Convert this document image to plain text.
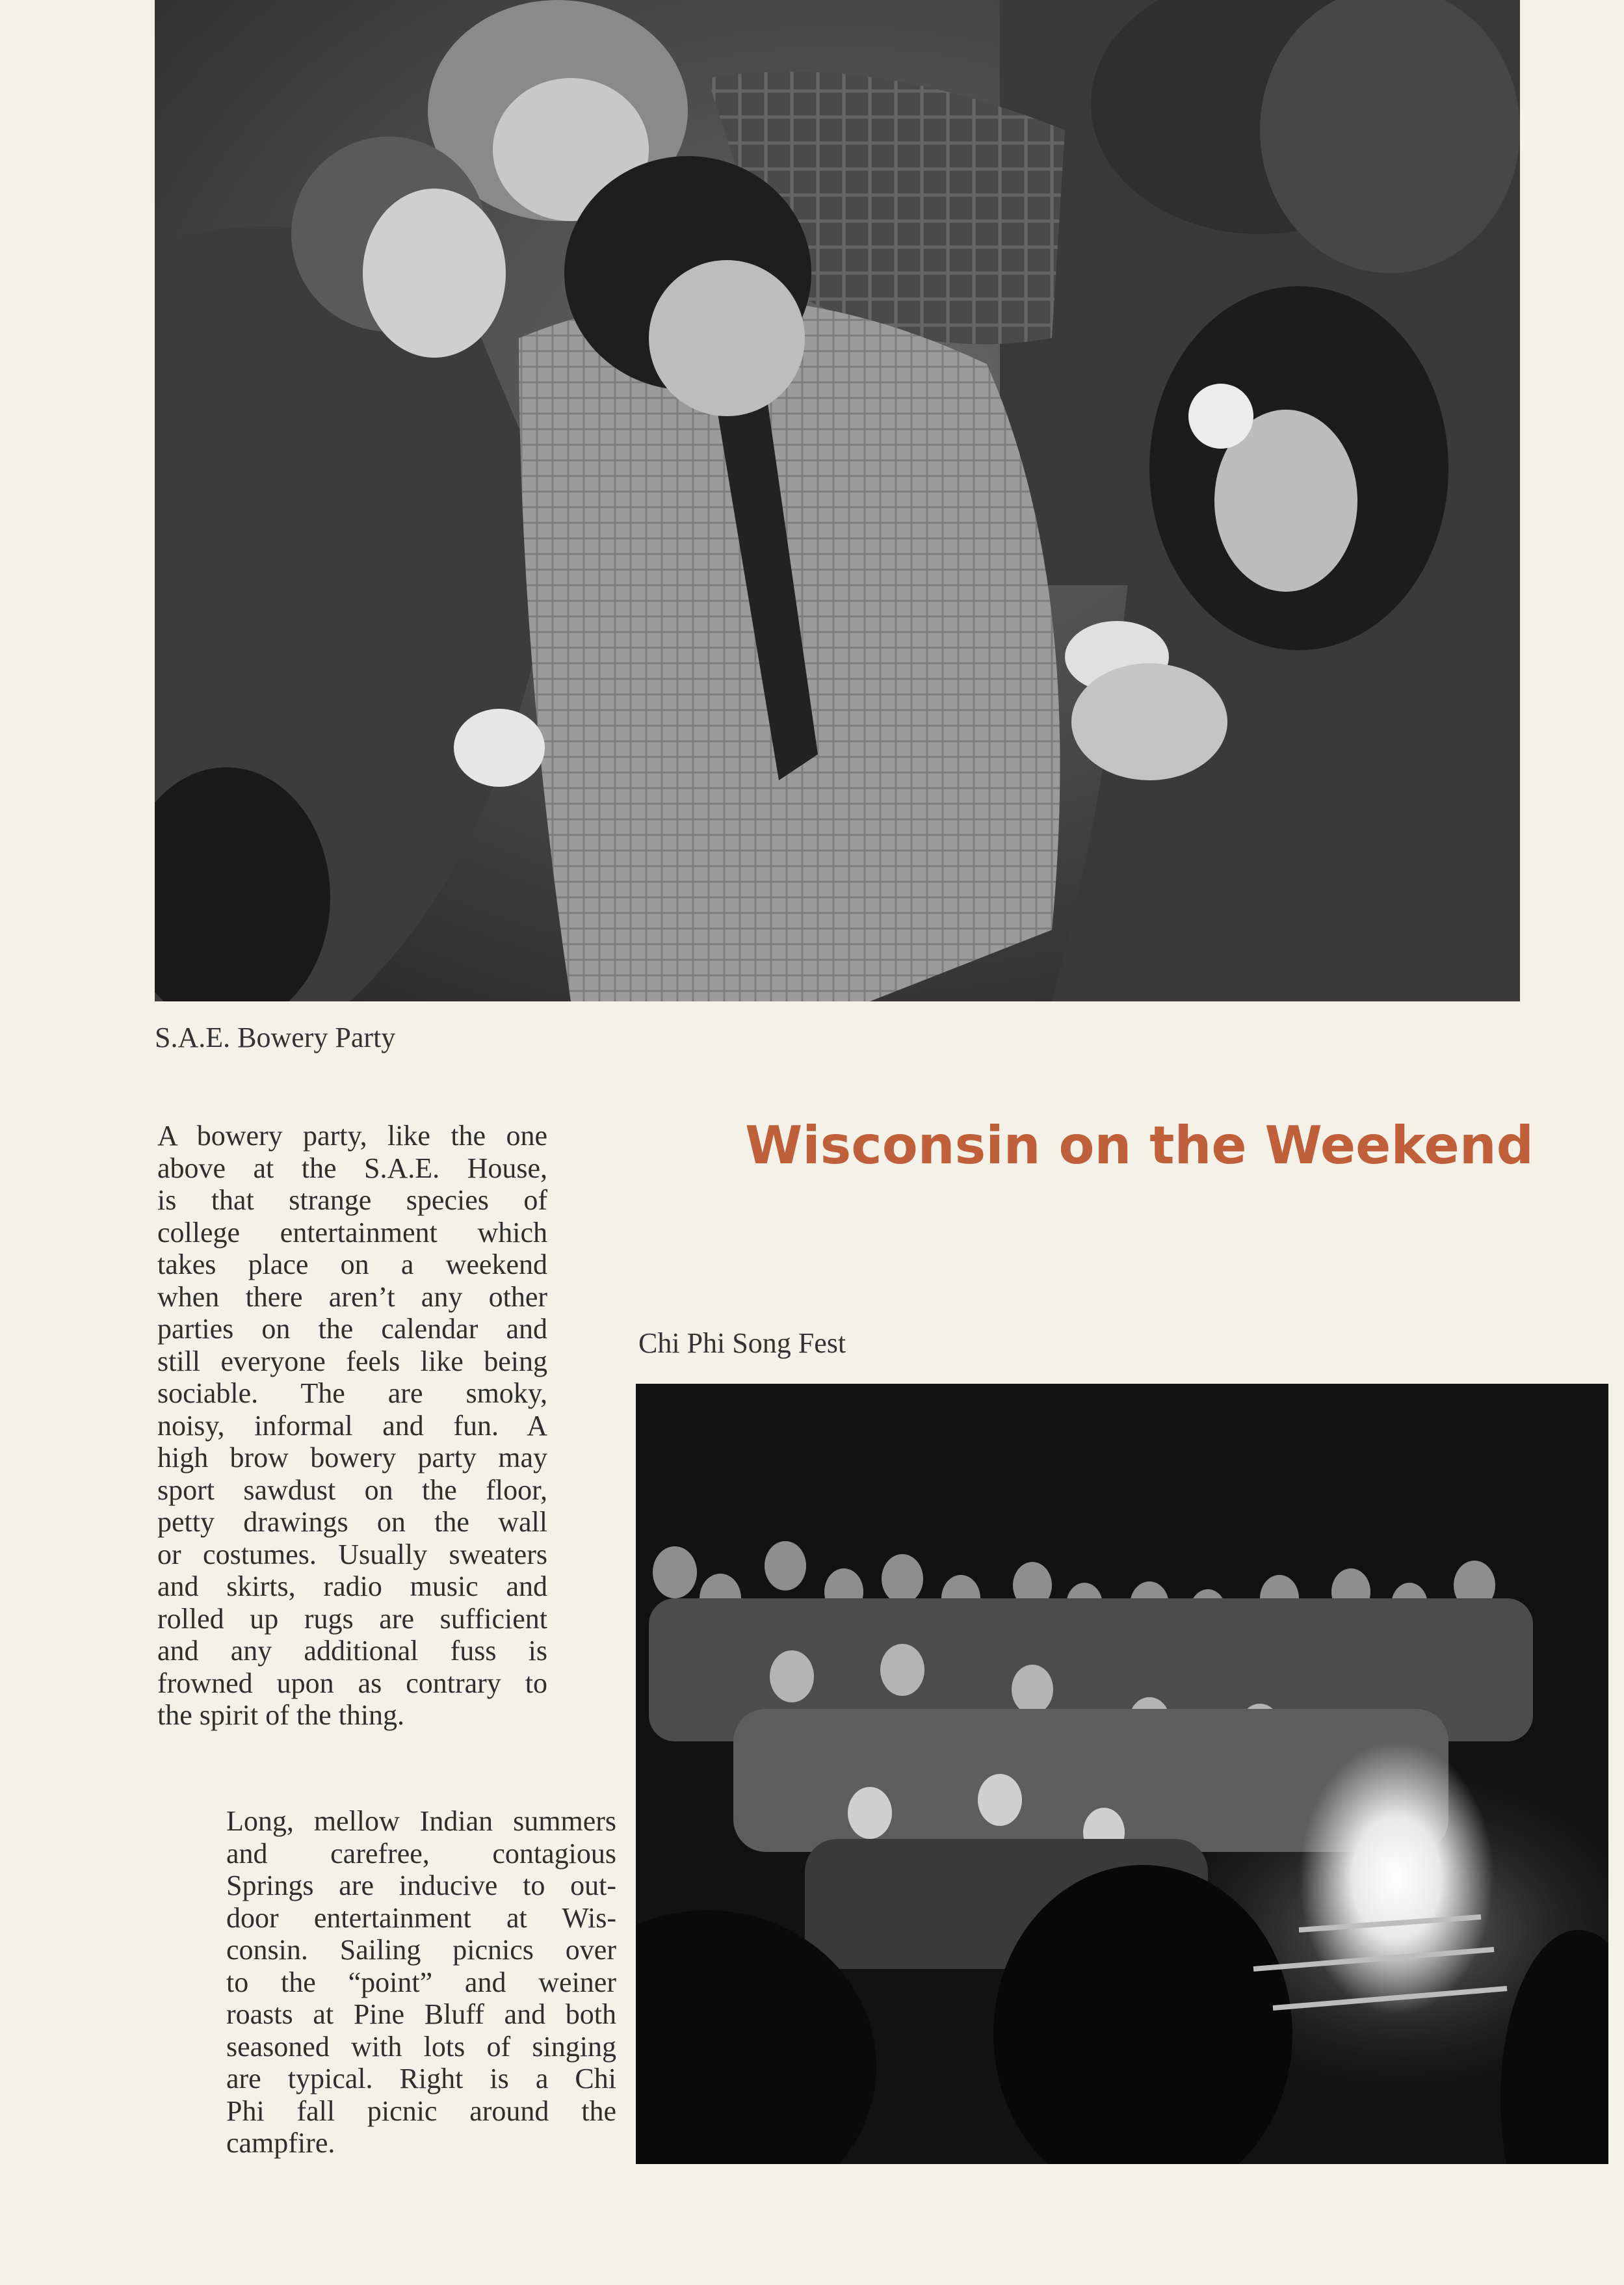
S.A.E. Bowery Party
Wisconsin on the Weekend

A bowery party, like the one
above at the S.A.E. House,
is that strange species of
college entertainment which
takes place on a weekend
when there aren’t any other
parties on the calendar and
still everyone feels like being
sociable. The are smoky,
noisy, informal and fun. A
high brow bowery party may
sport sawdust on the floor,
petty drawings on the wall
or costumes. Usually sweaters
and skirts, radio music and
rolled up rugs are sufficient
and any additional fuss is
frowned upon as contrary to
the spirit of the thing.

Chi Phi Song Fest

Long, mellow Indian summers
and carefree, contagious
Springs are inducive to out-
door entertainment at Wis-
consin. Sailing picnics over
to the “point” and weiner
roasts at Pine Bluff and both
seasoned with lots of singing
are typical. Right is a Chi
Phi fall picnic around the
campfire.
